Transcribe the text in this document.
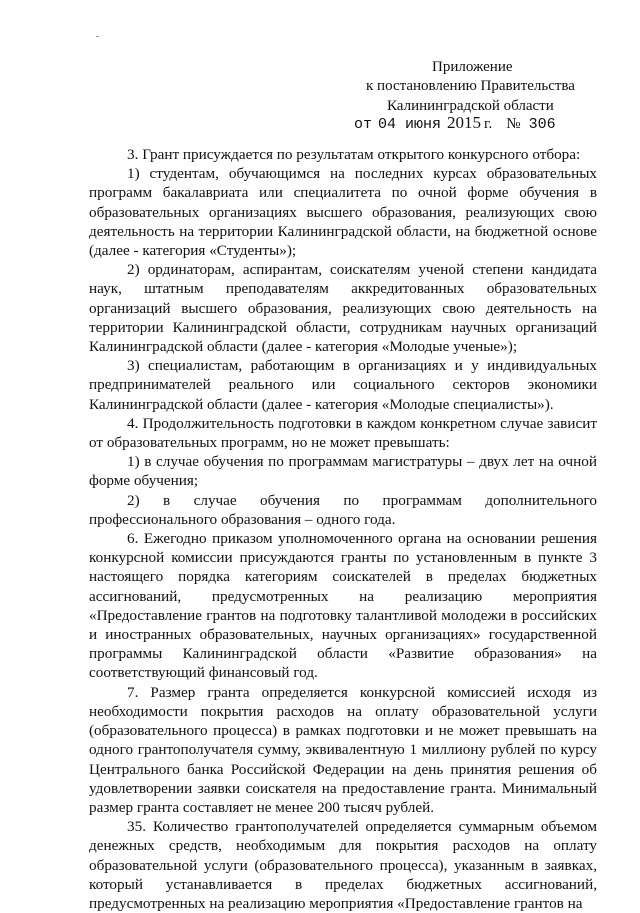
Приложение
к постановлению Правительства
Калининградской области
от 04 июня 2015 г. № 306

3. Грант присуждается по результатам открытого конкурсного отбора:

1) студентам, обучающимся на последних курсах образовательных программ бакалавриата или специалитета по очной форме обучения в образовательных организациях высшего образования, реализующих свою деятельность на территории Калининградской области, на бюджетной основе (далее - категория «Студенты»);

2) ординаторам, аспирантам, соискателям ученой степени кандидата наук, штатным преподавателям аккредитованных образовательных организаций высшего образования, реализующих свою деятельность на территории Калининградской области, сотрудникам научных организаций Калининградской области (далее - категория «Молодые ученые»);

3) специалистам, работающим в организациях и у индивидуальных предпринимателей реального или социального секторов экономики Калининградской области (далее - категория «Молодые специалисты»).

4. Продолжительность подготовки в каждом конкретном случае зависит от образовательных программ, но не может превышать:

1) в случае обучения по программам магистратуры – двух лет на очной форме обучения;

2) в случае обучения по программам дополнительного профессионального образования – одного года.

6. Ежегодно приказом уполномоченного органа на основании решения конкурсной комиссии присуждаются гранты по установленным в пункте 3 настоящего порядка категориям соискателей в пределах бюджетных ассигнований, предусмотренных на реализацию мероприятия «Предоставление грантов на подготовку талантливой молодежи в российских и иностранных образовательных, научных организациях» государственной программы Калининградской области «Развитие образования» на соответствующий финансовый год.

7. Размер гранта определяется конкурсной комиссией исходя из необходимости покрытия расходов на оплату образовательной услуги (образовательного процесса) в рамках подготовки и не может превышать на одного грантополучателя сумму, эквивалентную 1 миллиону рублей по курсу Центрального банка Российской Федерации на день принятия решения об удовлетворении заявки соискателя на предоставление гранта. Минимальный размер гранта составляет не менее 200 тысяч рублей.

35. Количество грантополучателей определяется суммарным объемом денежных средств, необходимым для покрытия расходов на оплату образовательной услуги (образовательного процесса), указанным в заявках, который устанавливается в пределах бюджетных ассигнований, предусмотренных на реализацию мероприятия «Предоставление грантов на
